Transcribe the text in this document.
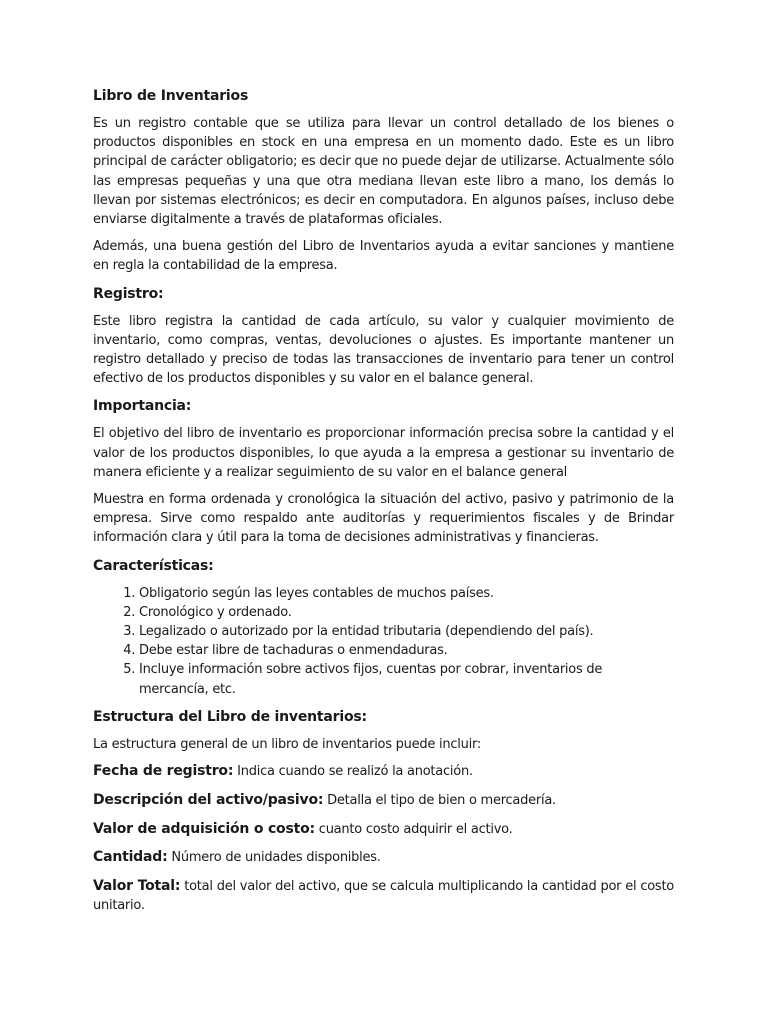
Libro de Inventarios

Es un registro contable que se utiliza para llevar un control detallado de los bienes o productos disponibles en stock en una empresa en un momento dado. Este es un libro principal de carácter obligatorio; es decir que no puede dejar de utilizarse. Actualmente sólo las empresas pequeñas y una que otra mediana llevan este libro a mano, los demás lo llevan por sistemas electrónicos; es decir en computadora. En algunos países, incluso debe enviarse digitalmente a través de plataformas oficiales.

Además, una buena gestión del Libro de Inventarios ayuda a evitar sanciones y mantiene en regla la contabilidad de la empresa.

Registro:

Este libro registra la cantidad de cada artículo, su valor y cualquier movimiento de inventario, como compras, ventas, devoluciones o ajustes. Es importante mantener un registro detallado y preciso de todas las transacciones de inventario para tener un control efectivo de los productos disponibles y su valor en el balance general.

Importancia:

El objetivo del libro de inventario es proporcionar información precisa sobre la cantidad y el valor de los productos disponibles, lo que ayuda a la empresa a gestionar su inventario de manera eficiente y a realizar seguimiento de su valor en el balance general

Muestra en forma ordenada y cronológica la situación del activo, pasivo y patrimonio de la empresa. Sirve como respaldo ante auditorías y requerimientos fiscales y de Brindar información clara y útil para la toma de decisiones administrativas y financieras.

Características:
1. Obligatorio según las leyes contables de muchos países.
2. Cronológico y ordenado.
3. Legalizado o autorizado por la entidad tributaria (dependiendo del país).
4. Debe estar libre de tachaduras o enmendaduras.
5. Incluye información sobre activos fijos, cuentas por cobrar, inventarios de mercancía, etc.
Estructura del Libro de inventarios:

La estructura general de un libro de inventarios puede incluir:

Fecha de registro: Indica cuando se realizó la anotación.

Descripción del activo/pasivo: Detalla el tipo de bien o mercadería.

Valor de adquisición o costo: cuanto costo adquirir el activo.

Cantidad: Número de unidades disponibles.

Valor Total: total del valor del activo, que se calcula multiplicando la cantidad por el costo unitario.
